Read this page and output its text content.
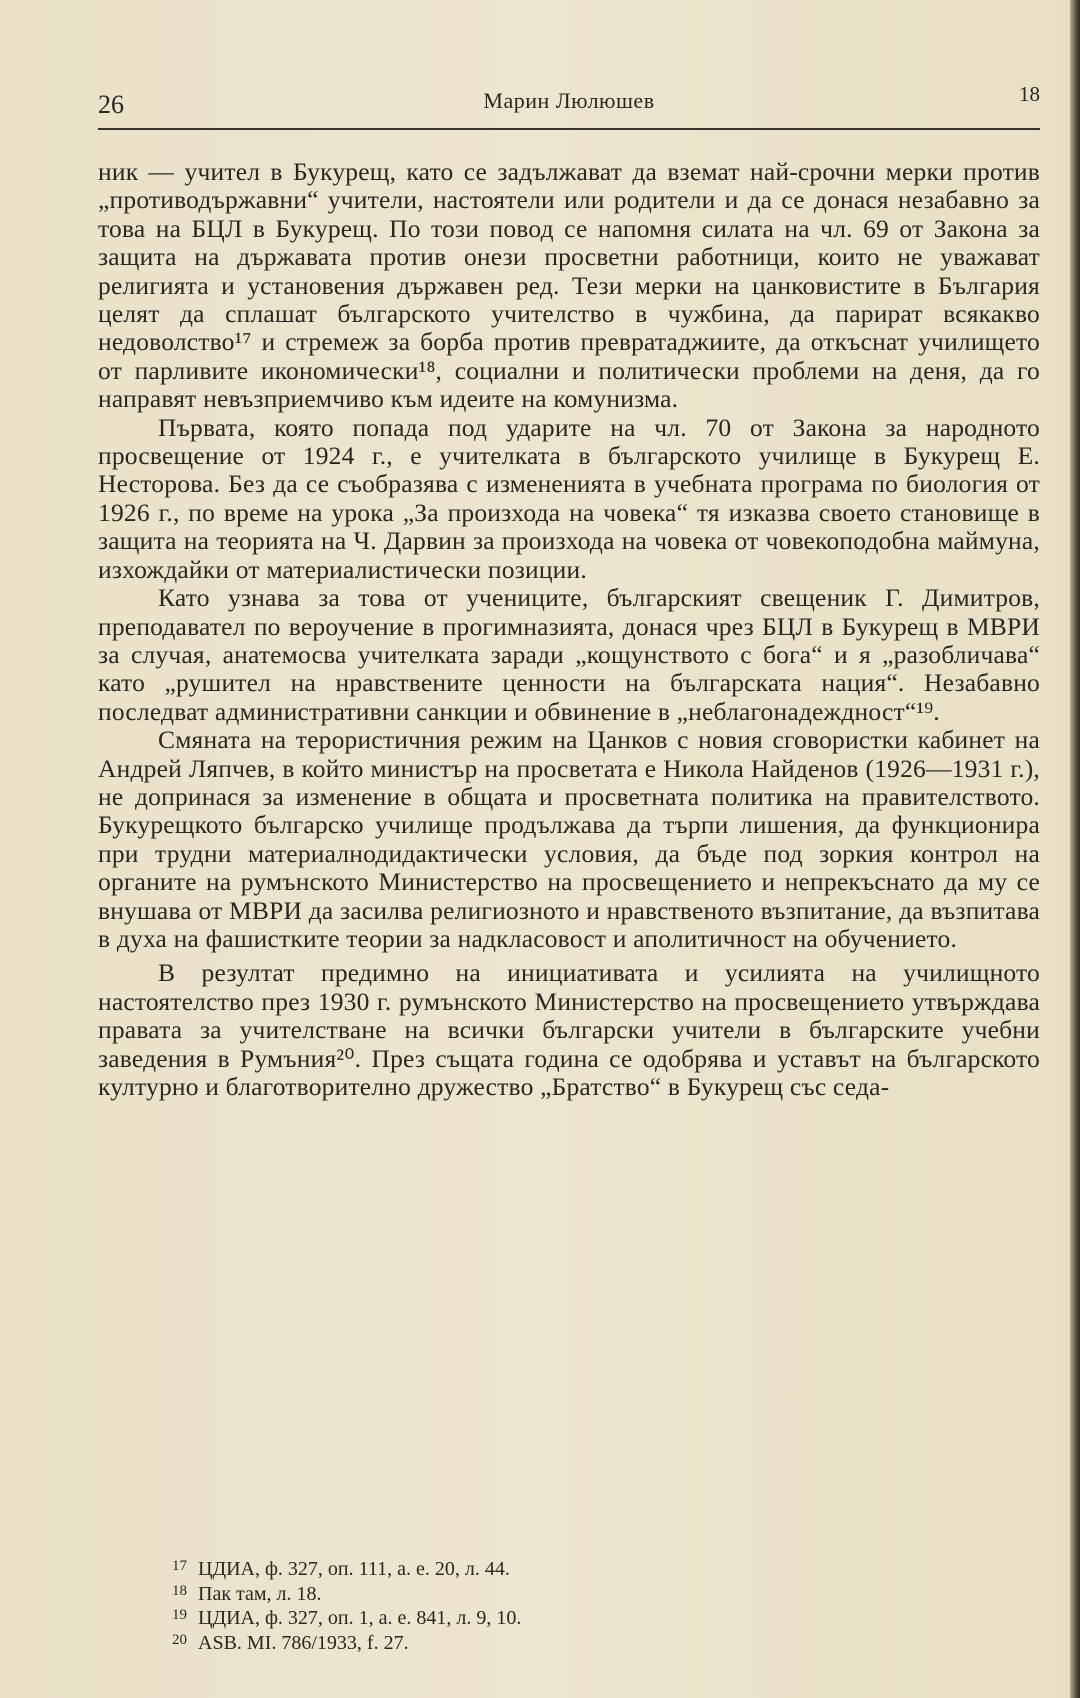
26	Марин Люлюшев	18

ник — учител в Букурещ, като се задължават да вземат най-срочни мерки против „противодържавни“ учители, настоятели или родители и да се донася незабавно за това на БЦЛ в Букурещ. По този повод се напомня силата на чл. 69 от Закона за защита на държавата против онези просветни работници, които не уважават религията и установения държавен ред. Тези мерки на цанковистите в България целят да сплашат българското учителство в чужбина, да парират всякакво недоволство¹⁷ и стремеж за борба против превратаджиите, да откъснат училището от парливите икономически¹⁸, социални и политически проблеми на деня, да го направят невъзприемчиво към идеите на комунизма.

Първата, която попада под ударите на чл. 70 от Закона за народното просвещение от 1924 г., е учителката в българското училище в Букурещ Е. Несторова. Без да се съобразява с измененията в учебната програма по биология от 1926 г., по време на урока „За произхода на човека“ тя изказва своето становище в защита на теорията на Ч. Дарвин за произхода на човека от човекоподобна маймуна, изхождайки от материалистически позиции.

Като узнава за това от учениците, българският свещеник Г. Димитров, преподавател по вероучение в прогимназията, донася чрез БЦЛ в Букурещ в МВРИ за случая, анатемосва учителката заради „кощунството с бога“ и я „разобличава“ като „рушител на нравствените ценности на българската нация“. Незабавно последват административни санкции и обвинение в „неблагонадеждност“¹⁹.

Смяната на терористичния режим на Цанков с новия сговористки кабинет на Андрей Ляпчев, в който министър на просветата е Никола Найденов (1926—1931 г.), не допринася за изменение в общата и просветната политика на правителството. Букурещкото българско училище продължава да търпи лишения, да функционира при трудни материалнодидактически условия, да бъде под зоркия контрол на органите на румънското Министерство на просвещението и непрекъснато да му се внушава от МВРИ да засилва религиозното и нравственото възпитание, да възпитава в духа на фашистките теории за надкласовост и аполитичност на обучението.

В резултат предимно на инициативата и усилията на училищното настоятелство през 1930 г. румънското Министерство на просвещението утвърждава правата за учителстване на всички български учители в българските учебни заведения в Румъния²⁰. През същата година се одобрява и уставът на българското културно и благотворително дружество „Братство“ в Букурещ със седа-

17 ЦДИА, ф. 327, оп. 111, а. е. 20, л. 44.
18 Пак там, л. 18.
19 ЦДИА, ф. 327, оп. 1, а. е. 841, л. 9, 10.
20 ASB. MI. 786/1933, f. 27.
